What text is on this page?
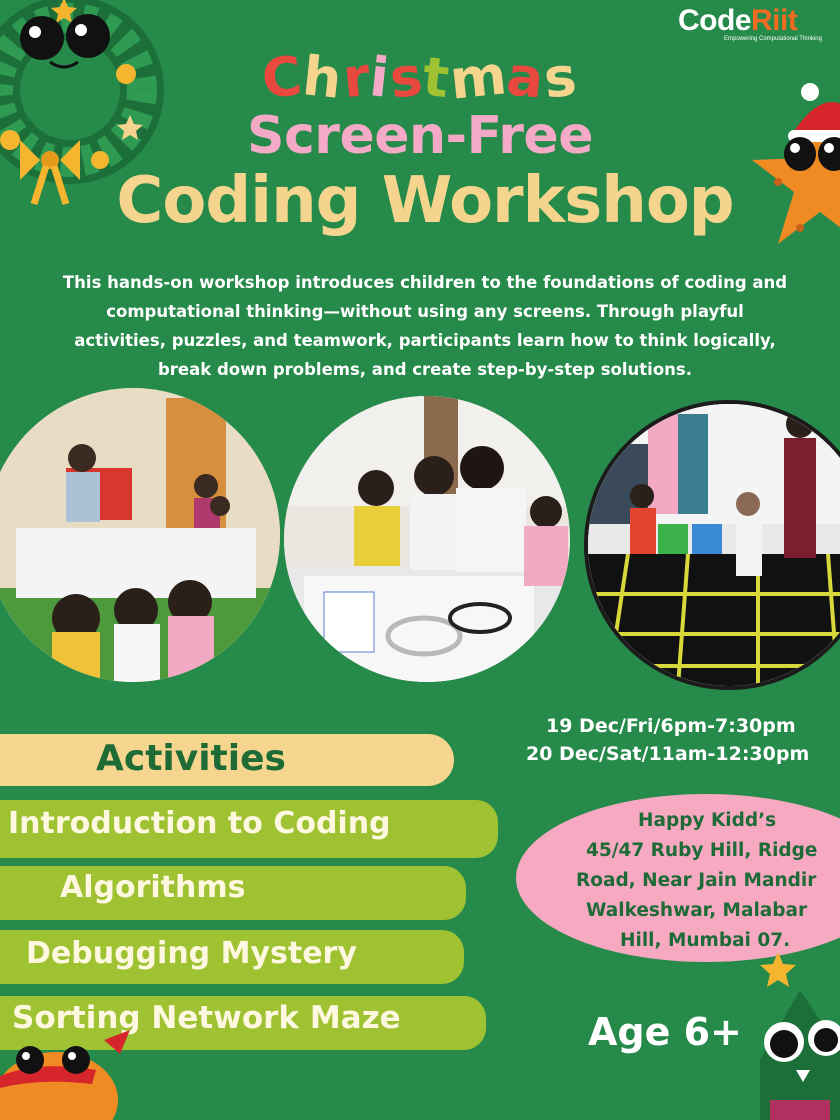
CodeRiit
Empowering Computational Thinking
Christmas
Screen-Free
Coding Workshop
This hands-on workshop introduces children to the foundations of coding and
computational thinking—without using any screens. Through playful
activities, puzzles, and teamwork, participants learn how to think logically,
break down problems, and create step-by-step solutions.
19 Dec/Fri/6pm-7:30pm
20 Dec/Sat/11am-12:30pm
Activities
Introduction to Coding
Algorithms
Debugging Mystery
Sorting Network Maze
Happy Kidd’s
45/47 Ruby Hill, Ridge
Road, Near Jain Mandir
Walkeshwar, Malabar
Hill, Mumbai 07.
Age 6+
